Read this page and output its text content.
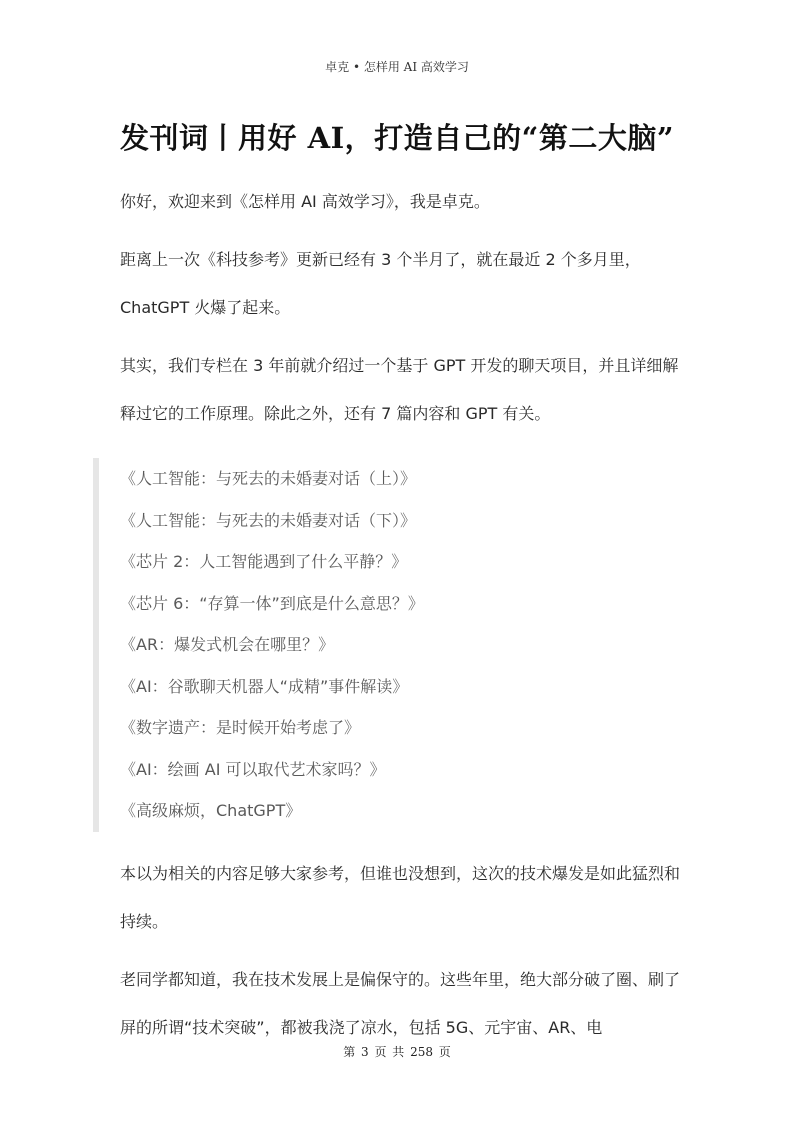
卓克 • 怎样用 AI 高效学习
发刊词丨用好 AI，打造自己的“第二大脑”

你好，欢迎来到《怎样用 AI 高效学习》，我是卓克。

距离上一次《科技参考》更新已经有 3 个半月了，就在最近 2 个多月里，ChatGPT 火爆了起来。

其实，我们专栏在 3 年前就介绍过一个基于 GPT 开发的聊天项目，并且详细解释过它的工作原理。除此之外，还有 7 篇内容和 GPT 有关。

《人工智能：与死去的未婚妻对话（上）》
《人工智能：与死去的未婚妻对话（下）》
《芯片 2：人工智能遇到了什么平静？》
《芯片 6：“存算一体”到底是什么意思？》
《AR：爆发式机会在哪里？》
《AI：谷歌聊天机器人“成精”事件解读》
《数字遗产：是时候开始考虑了》
《AI：绘画 AI 可以取代艺术家吗？》
《高级麻烦，ChatGPT》

本以为相关的内容足够大家参考，但谁也没想到，这次的技术爆发是如此猛烈和持续。

老同学都知道，我在技术发展上是偏保守的。这些年里，绝大部分破了圈、刷了屏的所谓“技术突破”，都被我浇了凉水，包括 5G、元宇宙、AR、电

第 3 页 共 258 页
